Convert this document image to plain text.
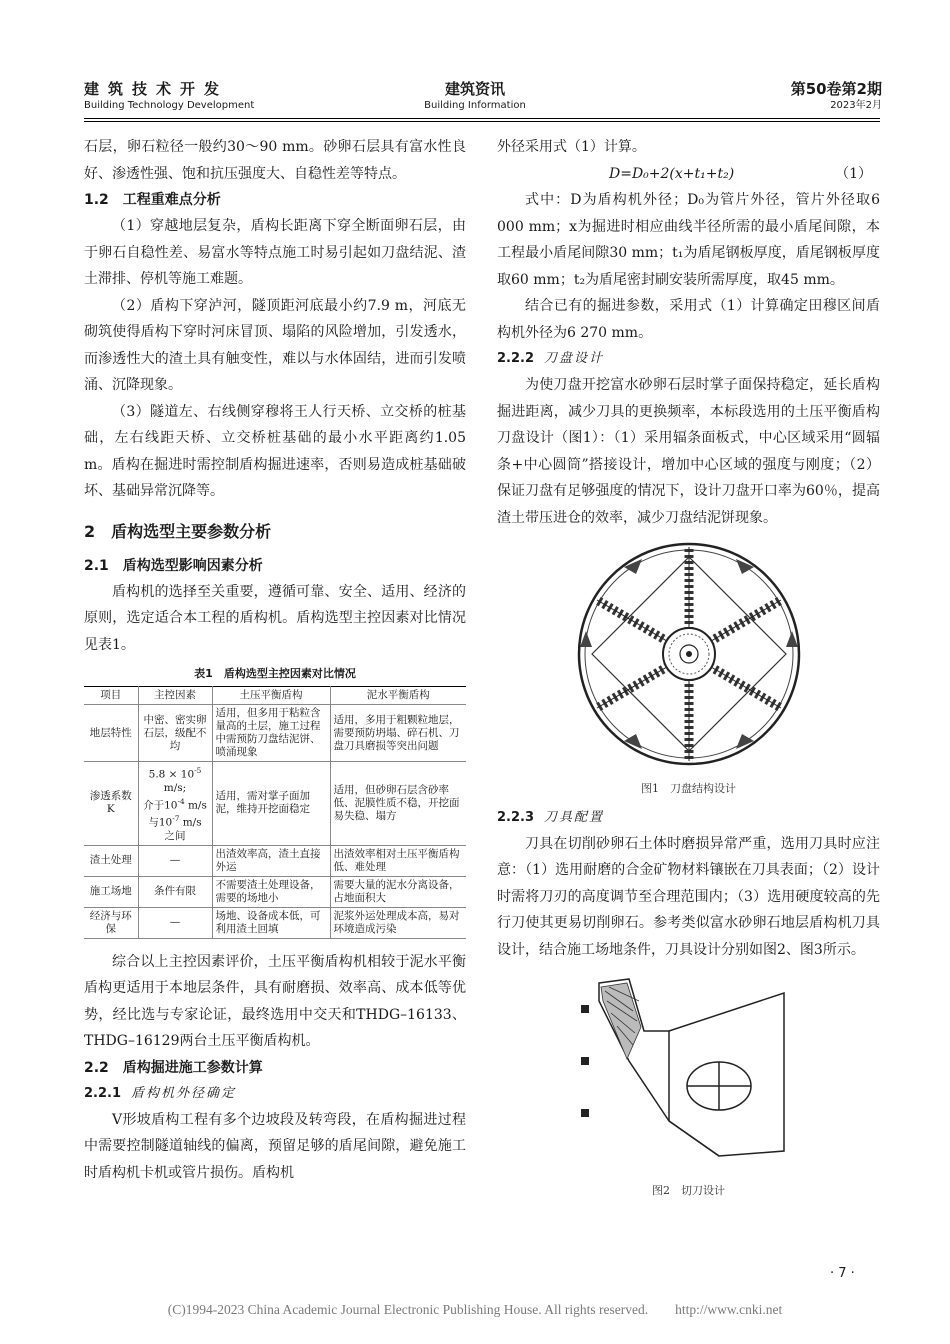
建筑技术开发
Building Technology Development
建筑资讯
Building Information
第50卷第2期
2023年2月

石层，卵石粒径一般约30～90 mm。砂卵石层具有富水性良好、渗透性强、饱和抗压强度大、自稳性差等特点。

1.2　工程重难点分析

（1）穿越地层复杂，盾构长距离下穿全断面卵石层，由于卵石自稳性差、易富水等特点施工时易引起如刀盘结泥、渣土滞排、停机等施工难题。

（2）盾构下穿泸河，隧顶距河底最小约7.9 m，河底无砌筑使得盾构下穿时河床冒顶、塌陷的风险增加，引发透水，而渗透性大的渣土具有触变性，难以与水体固结，进而引发喷涌、沉降现象。

（3）隧道左、右线侧穿穆将王人行天桥、立交桥的桩基础，左右线距天桥、立交桥桩基础的最小水平距离约1.05 m。盾构在掘进时需控制盾构掘进速率，否则易造成桩基础破坏、基础异常沉降等。

2　盾构选型主要参数分析
2.1　盾构选型影响因素分析

盾构机的选择至关重要，遵循可靠、安全、适用、经济的原则，选定适合本工程的盾构机。盾构选型主控因素对比情况见表1。

表1　盾构选型主控因素对比情况
项目	主控因素	土压平衡盾构	泥水平衡盾构
地层特性	中密、密实卵石层，级配不均	适用，但多用于粘粒含量高的土层，施工过程中需预防刀盘结泥饼、喷涌现象	适用，多用于粗颗粒地层，需要预防坍塌、碎石机、刀盘刀具磨损等突出问题
渗透系数K	$5.8 \times 10^{-5}$ m/s;
介于$10^{-4}$ m/s
与$10^{-7}$ m/s
之间	适用，需对掌子面加泥，维持开挖面稳定	适用，但砂卵石层含砂率低、泥膜性质不稳，开挖面易失稳、塌方
渣土处理	—	出渣效率高，渣土直接外运	出渣效率相对土压平衡盾构低、难处理
施工场地	条件有限	不需要渣土处理设备，需要的场地小	需要大量的泥水分离设备，占地面积大
经济与环保	—	场地、设备成本低，可利用渣土回填	泥浆外运处理成本高，易对环境造成污染

综合以上主控因素评价，土压平衡盾构机相较于泥水平衡盾构更适用于本地层条件，具有耐磨损、效率高、成本低等优势，经比选与专家论证，最终选用中交天和THDG–16133、THDG–16129两台土压平衡盾构机。

2.2　盾构掘进施工参数计算
2.2.1 盾构机外径确定

V形坡盾构工程有多个边坡段及转弯段，在盾构掘进过程中需要控制隧道轴线的偏离，预留足够的盾尾间隙，避免施工时盾构机卡机或管片损伤。盾构机

外径采用式（1）计算。

D=D₀+2(x+t₁+t₂)	（1）

式中：D为盾构机外径；D₀为管片外径，管片外径取6 000 mm；x为掘进时相应曲线半径所需的最小盾尾间隙，本工程最小盾尾间隙30 mm；t₁为盾尾钢板厚度，盾尾钢板厚度取60 mm；t₂为盾尾密封刷安装所需厚度，取45 mm。

结合已有的掘进参数，采用式（1）计算确定田穆区间盾构机外径为6 270 mm。

2.2.2 刀盘设计

为使刀盘开挖富水砂卵石层时掌子面保持稳定，延长盾构掘进距离，减少刀具的更换频率，本标段选用的土压平衡盾构刀盘设计（图1）：（1）采用辐条面板式，中心区域采用“圆辐条+中心圆筒”搭接设计，增加中心区域的强度与刚度；（2）保证刀盘有足够强度的情况下，设计刀盘开口率为60％，提高渣土带压进仓的效率，减少刀盘结泥饼现象。

图1　刀盘结构设计
2.2.3 刀具配置

刀具在切削砂卵石土体时磨损异常严重，选用刀具时应注意：（1）选用耐磨的合金矿物材料镶嵌在刀具表面；（2）设计时需将刀刃的高度调节至合理范围内；（3）选用硬度较高的先行刀使其更易切削卵石。参考类似富水砂卵石地层盾构机刀具设计，结合施工场地条件，刀具设计分别如图2、图3所示。

图2　切刀设计
· 7 ·
(C)1994-2023 China Academic Journal Electronic Publishing House. All rights reserved.　　http://www.cnki.net
